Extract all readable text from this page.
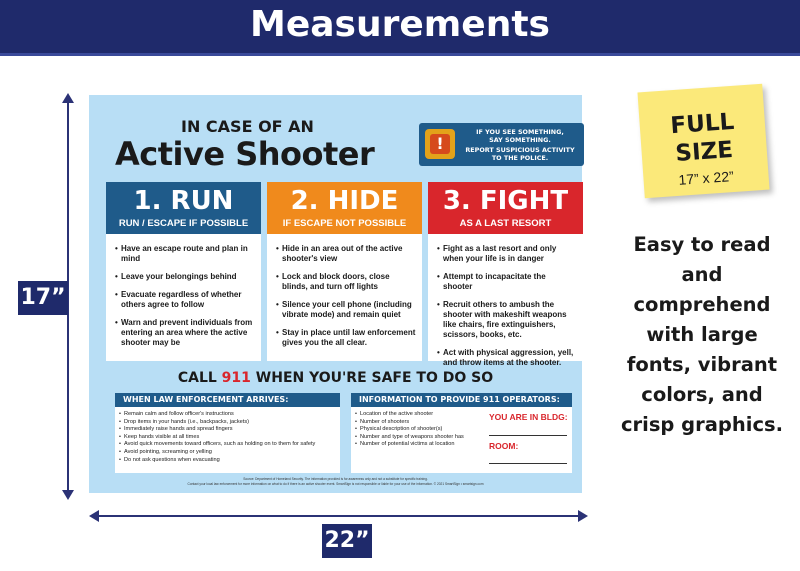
Measurements
17”
22”
IN CASE OF AN
Active Shooter	!
IF YOU SEE SOMETHING,
SAY SOMETHING.
REPORT SUSPICIOUS ACTIVITY
TO THE POLICE.
1. RUN
RUN / ESCAPE IF POSSIBLE
• Have an escape route and plan in mind
• Leave your belongings behind
• Evacuate regardless of whether others agree to follow
• Warn and prevent individuals from entering an area where the active shooter may be
2. HIDE
IF ESCAPE NOT POSSIBLE
• Hide in an area out of the active shooter's view
• Lock and block doors, close blinds, and turn off lights
• Silence your cell phone (including vibrate mode) and remain quiet
• Stay in place until law enforcement gives you the all clear.
3. FIGHT
AS A LAST RESORT
• Fight as a last resort and only when your life is in danger
• Attempt to incapacitate the shooter
• Recruit others to ambush the shooter with makeshift weapons like chairs, fire extinguishers, scissors, books, etc.
• Act with physical aggression, yell, and throw items at the shooter.
CALL 911 WHEN YOU'RE SAFE TO DO SO
WHEN LAW ENFORCEMENT ARRIVES:
• Remain calm and follow officer's instructions
• Drop items in your hands (i.e., backpacks, jackets)
• Immediately raise hands and spread fingers
• Keep hands visible at all times
• Avoid quick movements toward officers, such as holding on to them for safety
• Avoid pointing, screaming or yelling
• Do not ask questions when evacuating
INFORMATION TO PROVIDE 911 OPERATORS:
• Location of the active shooter
• Number of shooters
• Physical description of shooter(s)
• Number and type of weapons shooter has
• Number of potential victims at location
YOU ARE IN BLDG:
ROOM:
Source: Department of Homeland Security. The information provided is for awareness only and not a substitute for specific training.
Contact your local law enforcement for more information on what to do if there is an active shooter event. SmartSign is not responsible or liable for your use of the information. © 2021 SmartSign • smartsign.com
FULL
SIZE
17” x 22”
Easy to read
and
comprehend
with large
fonts, vibrant
colors, and
crisp graphics.
